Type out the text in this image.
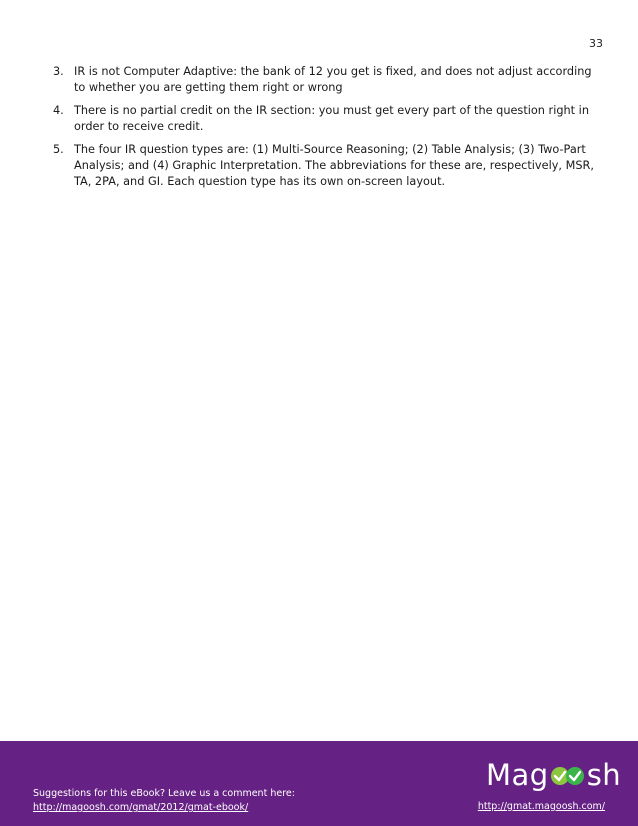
33
3. IR is not Computer Adaptive: the bank of 12 you get is fixed, and does not adjust according to whether you are getting them right or wrong
4. There is no partial credit on the IR section: you must get every part of the question right in order to receive credit.
5. The four IR question types are: (1) Multi-Source Reasoning; (2) Table Analysis; (3) Two-Part Analysis; and (4) Graphic Interpretation. The abbreviations for these are, respectively, MSR, TA, 2PA, and GI. Each question type has its own on-screen layout.
Mag sh
Suggestions for this eBook? Leave us a comment here:
http://magoosh.com/gmat/2012/gmat-ebook/	http://gmat.magoosh.com/
